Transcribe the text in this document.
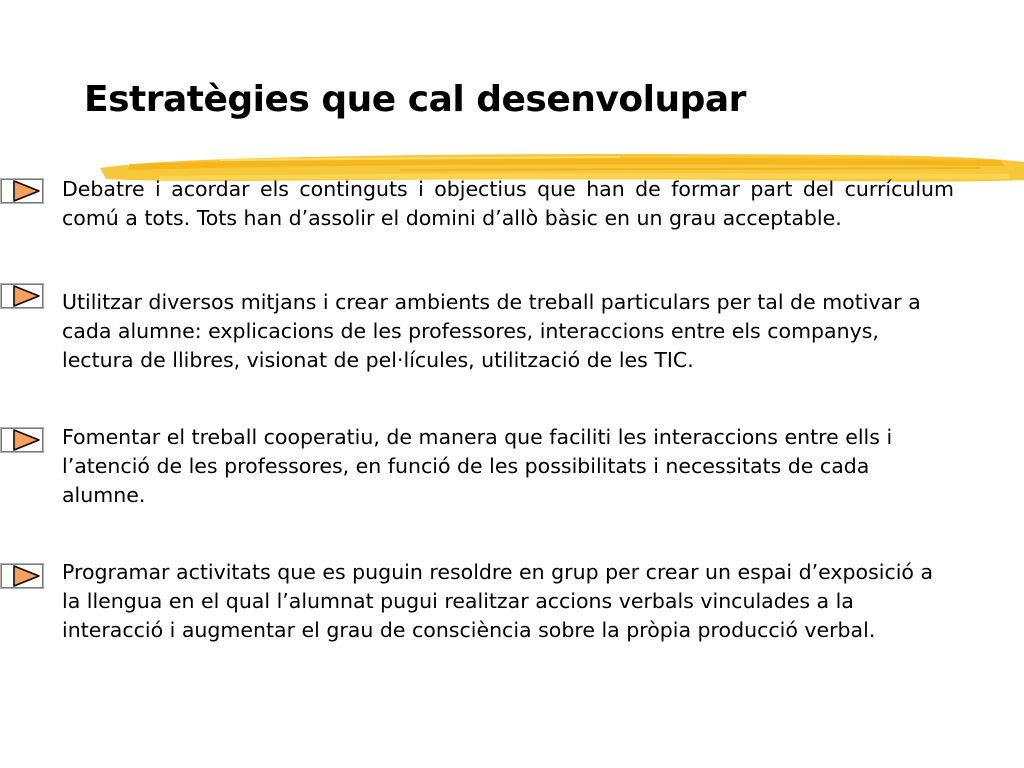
Estratègies que cal desenvolupar

Debatre i acordar els continguts i objectius que han de formar part del currículum comú a tots. Tots han d’assolir el domini d’allò bàsic en un grau acceptable.

Utilitzar diversos mitjans i crear ambients de treball particulars per tal de motivar a cada alumne: explicacions de les professores, interaccions entre els companys, lectura de llibres, visionat de pel·lícules, utilització de les TIC.

Fomentar el treball cooperatiu, de manera que faciliti les interaccions entre ells i l’atenció de les professores, en funció de les possibilitats i necessitats de cada alumne.

Programar activitats que es puguin resoldre en grup per crear un espai d’exposició a la llengua en el qual l’alumnat pugui realitzar accions verbals vinculades a la interacció i augmentar el grau de consciència sobre la pròpia producció verbal.
